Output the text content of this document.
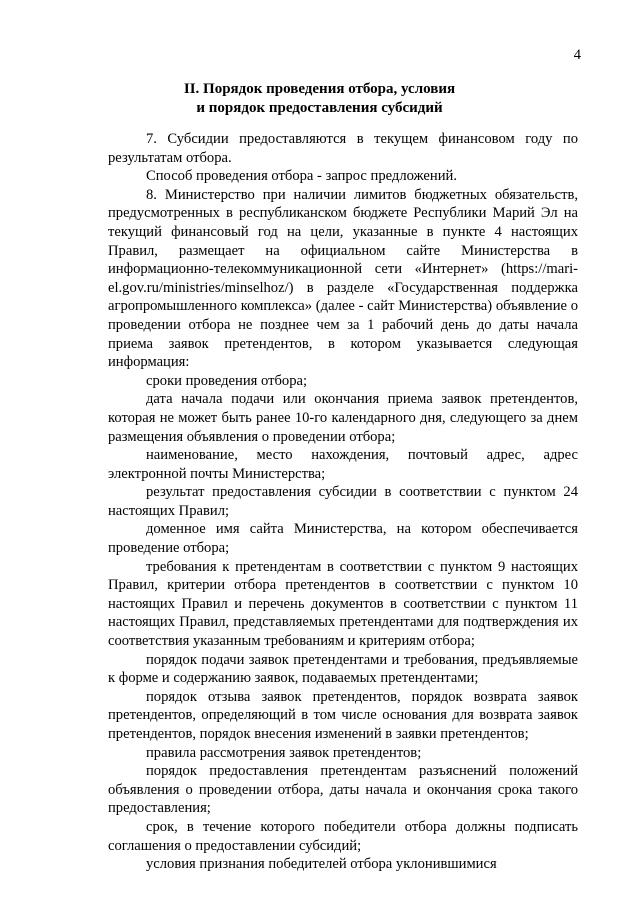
4
II. Порядок проведения отбора, условия
и порядок предоставления субсидий

7. Субсидии предоставляются в текущем финансовом году по результатам отбора.

Способ проведения отбора - запрос предложений.

8. Министерство при наличии лимитов бюджетных обязательств, предусмотренных в республиканском бюджете Республики Марий Эл на текущий финансовый год на цели, указанные в пункте 4 настоящих Правил, размещает на официальном сайте Министерства в информационно-телекоммуникационной сети «Интернет» (https://mari-el.gov.ru/ministries/minselhoz/) в разделе «Государственная поддержка агропромышленного комплекса» (далее - сайт Министерства) объявление о проведении отбора не позднее чем за 1 рабочий день до даты начала приема заявок претендентов, в котором указывается следующая информация:

сроки проведения отбора;

дата начала подачи или окончания приема заявок претендентов, которая не может быть ранее 10-го календарного дня, следующего за днем размещения объявления о проведении отбора;

наименование, место нахождения, почтовый адрес, адрес электронной почты Министерства;

результат предоставления субсидии в соответствии с пунктом 24 настоящих Правил;

доменное имя сайта Министерства, на котором обеспечивается проведение отбора;

требования к претендентам в соответствии с пунктом 9 настоящих Правил, критерии отбора претендентов в соответствии с пунктом 10 настоящих Правил и перечень документов в соответствии с пунктом 11 настоящих Правил, представляемых претендентами для подтверждения их соответствия указанным требованиям и критериям отбора;

порядок подачи заявок претендентами и требования, предъявляемые к форме и содержанию заявок, подаваемых претендентами;

порядок отзыва заявок претендентов, порядок возврата заявок претендентов, определяющий в том числе основания для возврата заявок претендентов, порядок внесения изменений в заявки претендентов;

правила рассмотрения заявок претендентов;

порядок предоставления претендентам разъяснений положений объявления о проведении отбора, даты начала и окончания срока такого предоставления;

срок, в течение которого победители отбора должны подписать соглашения о предоставлении субсидий;

условия признания победителей отбора уклонившимися
